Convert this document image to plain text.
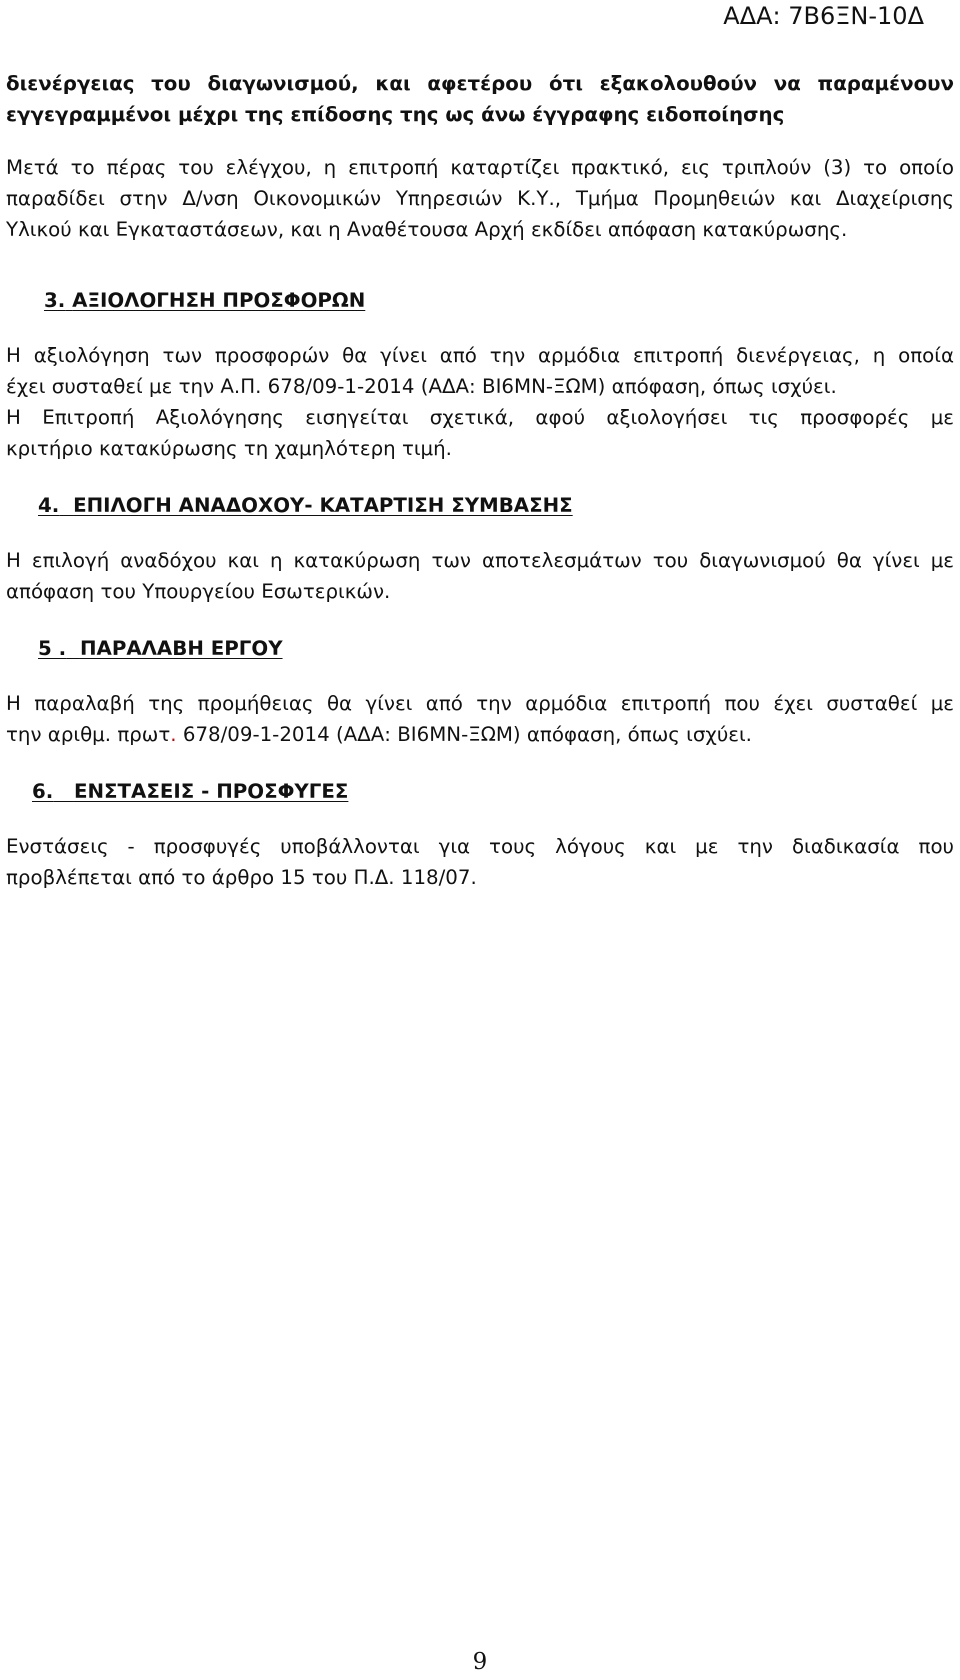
ΑΔΑ: 7Β6ΞΝ-10Δ

διενέργειας του διαγωνισμού, και αφετέρου ότι εξακολουθούν να παραμένουν
εγγεγραμμένοι μέχρι της επίδοσης της ως άνω έγγραφης ειδοποίησης

Μετά το πέρας του ελέγχου, η επιτροπή καταρτίζει πρακτικό, εις τριπλούν (3) το οποίο
παραδίδει στην Δ/νση Οικονομικών Υπηρεσιών Κ.Υ., Τμήμα Προμηθειών και Διαχείρισης
Υλικού και Εγκαταστάσεων, και η Αναθέτουσα Αρχή εκδίδει απόφαση κατακύρωσης.

3. ΑΞΙΟΛΟΓΗΣΗ ΠΡΟΣΦΟΡΩΝ

Η αξιολόγηση των προσφορών θα γίνει από την αρμόδια επιτροπή διενέργειας, η οποία
έχει συσταθεί με την Α.Π. 678/09-1-2014 (ΑΔΑ: ΒΙ6ΜΝ-ΞΩΜ) απόφαση, όπως ισχύει.
Η Επιτροπή Αξιολόγησης εισηγείται σχετικά, αφού αξιολογήσει τις προσφορές με
κριτήριο κατακύρωσης τη χαμηλότερη τιμή.

4. ΕΠΙΛΟΓΗ ΑΝΑΔΟΧΟΥ- ΚΑΤΑΡΤΙΣΗ ΣΥΜΒΑΣΗΣ

Η επιλογή αναδόχου και η κατακύρωση των αποτελεσμάτων του διαγωνισμού θα γίνει με
απόφαση του Υπουργείου Εσωτερικών.

5 . ΠΑΡΑΛΑΒΗ ΕΡΓΟΥ

Η παραλαβή της προμήθειας θα γίνει από την αρμόδια επιτροπή που έχει συσταθεί με
την αριθμ. πρωτ. 678/09-1-2014 (ΑΔΑ: ΒΙ6ΜΝ-ΞΩΜ) απόφαση, όπως ισχύει.

6. ΕΝΣΤΑΣΕΙΣ - ΠΡΟΣΦΥΓΕΣ

Ενστάσεις - προσφυγές υποβάλλονται για τους λόγους και με την διαδικασία που
προβλέπεται από το άρθρο 15 του Π.Δ. 118/07.

9
